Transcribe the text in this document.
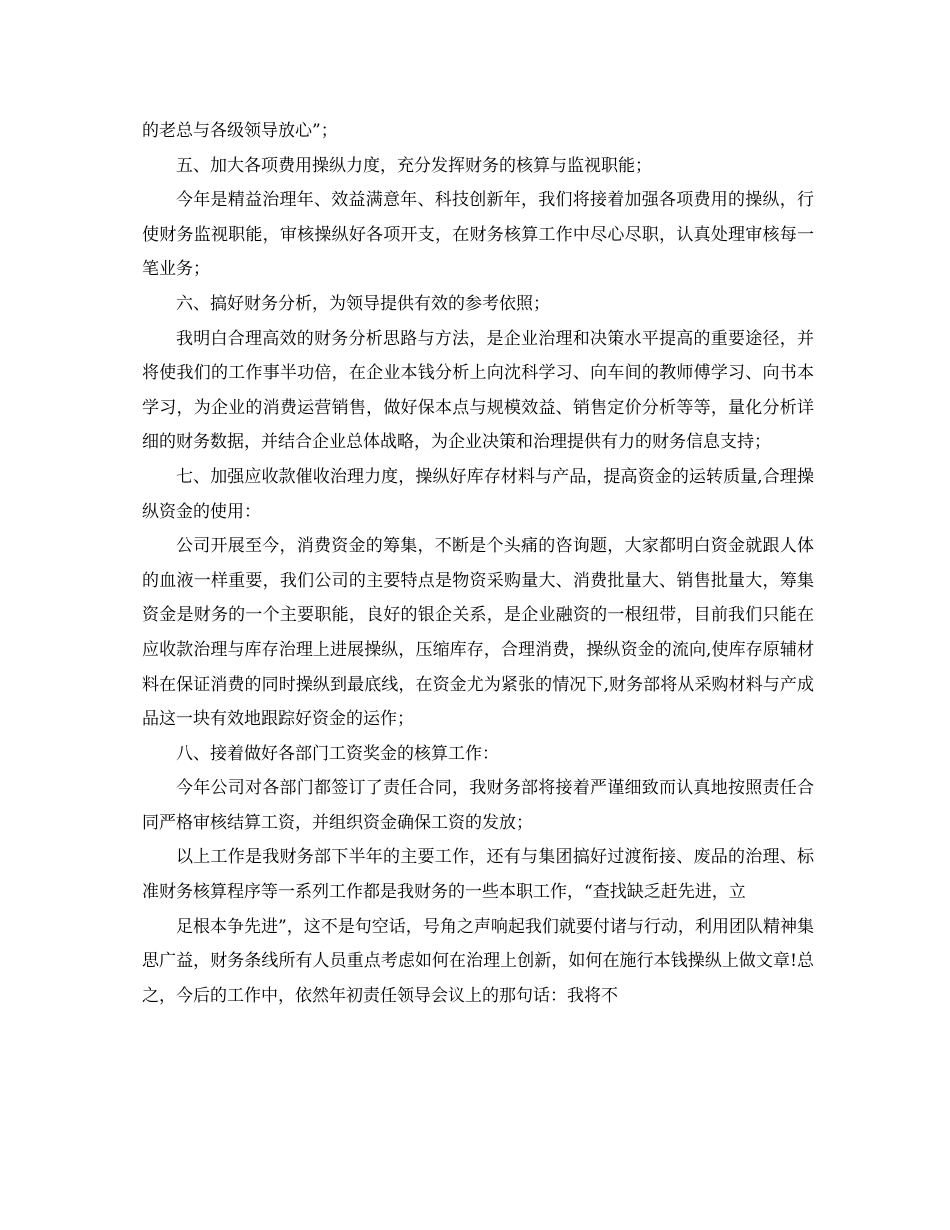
的老总与各级领导放心”；

五、加大各项费用操纵力度，充分发挥财务的核算与监视职能；

今年是精益治理年、效益满意年、科技创新年，我们将接着加强各项费用的操纵，行使财务监视职能，审核操纵好各项开支，在财务核算工作中尽心尽职，认真处理审核每一笔业务；

六、搞好财务分析，为领导提供有效的参考依照；

我明白合理高效的财务分析思路与方法，是企业治理和决策水平提高的重要途径，并将使我们的工作事半功倍，在企业本钱分析上向沈科学习、向车间的教师傅学习、向书本学习，为企业的消费运营销售，做好保本点与规模效益、销售定价分析等等，量化分析详细的财务数据，并结合企业总体战略，为企业决策和治理提供有力的财务信息支持；

七、加强应收款催收治理力度，操纵好库存材料与产品，提高资金的运转质量,合理操纵资金的使用：

公司开展至今，消费资金的筹集，不断是个头痛的咨询题，大家都明白资金就跟人体的血液一样重要，我们公司的主要特点是物资采购量大、消费批量大、销售批量大，筹集资金是财务的一个主要职能，良好的银企关系，是企业融资的一根纽带，目前我们只能在应收款治理与库存治理上进展操纵，压缩库存，合理消费，操纵资金的流向,使库存原辅材料在保证消费的同时操纵到最底线，在资金尤为紧张的情况下,财务部将从采购材料与产成品这一块有效地跟踪好资金的运作；

八、接着做好各部门工资奖金的核算工作：

今年公司对各部门都签订了责任合同，我财务部将接着严谨细致而认真地按照责任合同严格审核结算工资，并组织资金确保工资的发放；

以上工作是我财务部下半年的主要工作，还有与集团搞好过渡衔接、废品的治理、标准财务核算程序等一系列工作都是我财务的一些本职工作，“查找缺乏赶先进，立

足根本争先进”，这不是句空话，号角之声响起我们就要付诸与行动，利用团队精神集思广益，财务条线所有人员重点考虑如何在治理上创新，如何在施行本钱操纵上做文章!总之，今后的工作中，依然年初责任领导会议上的那句话：我将不
